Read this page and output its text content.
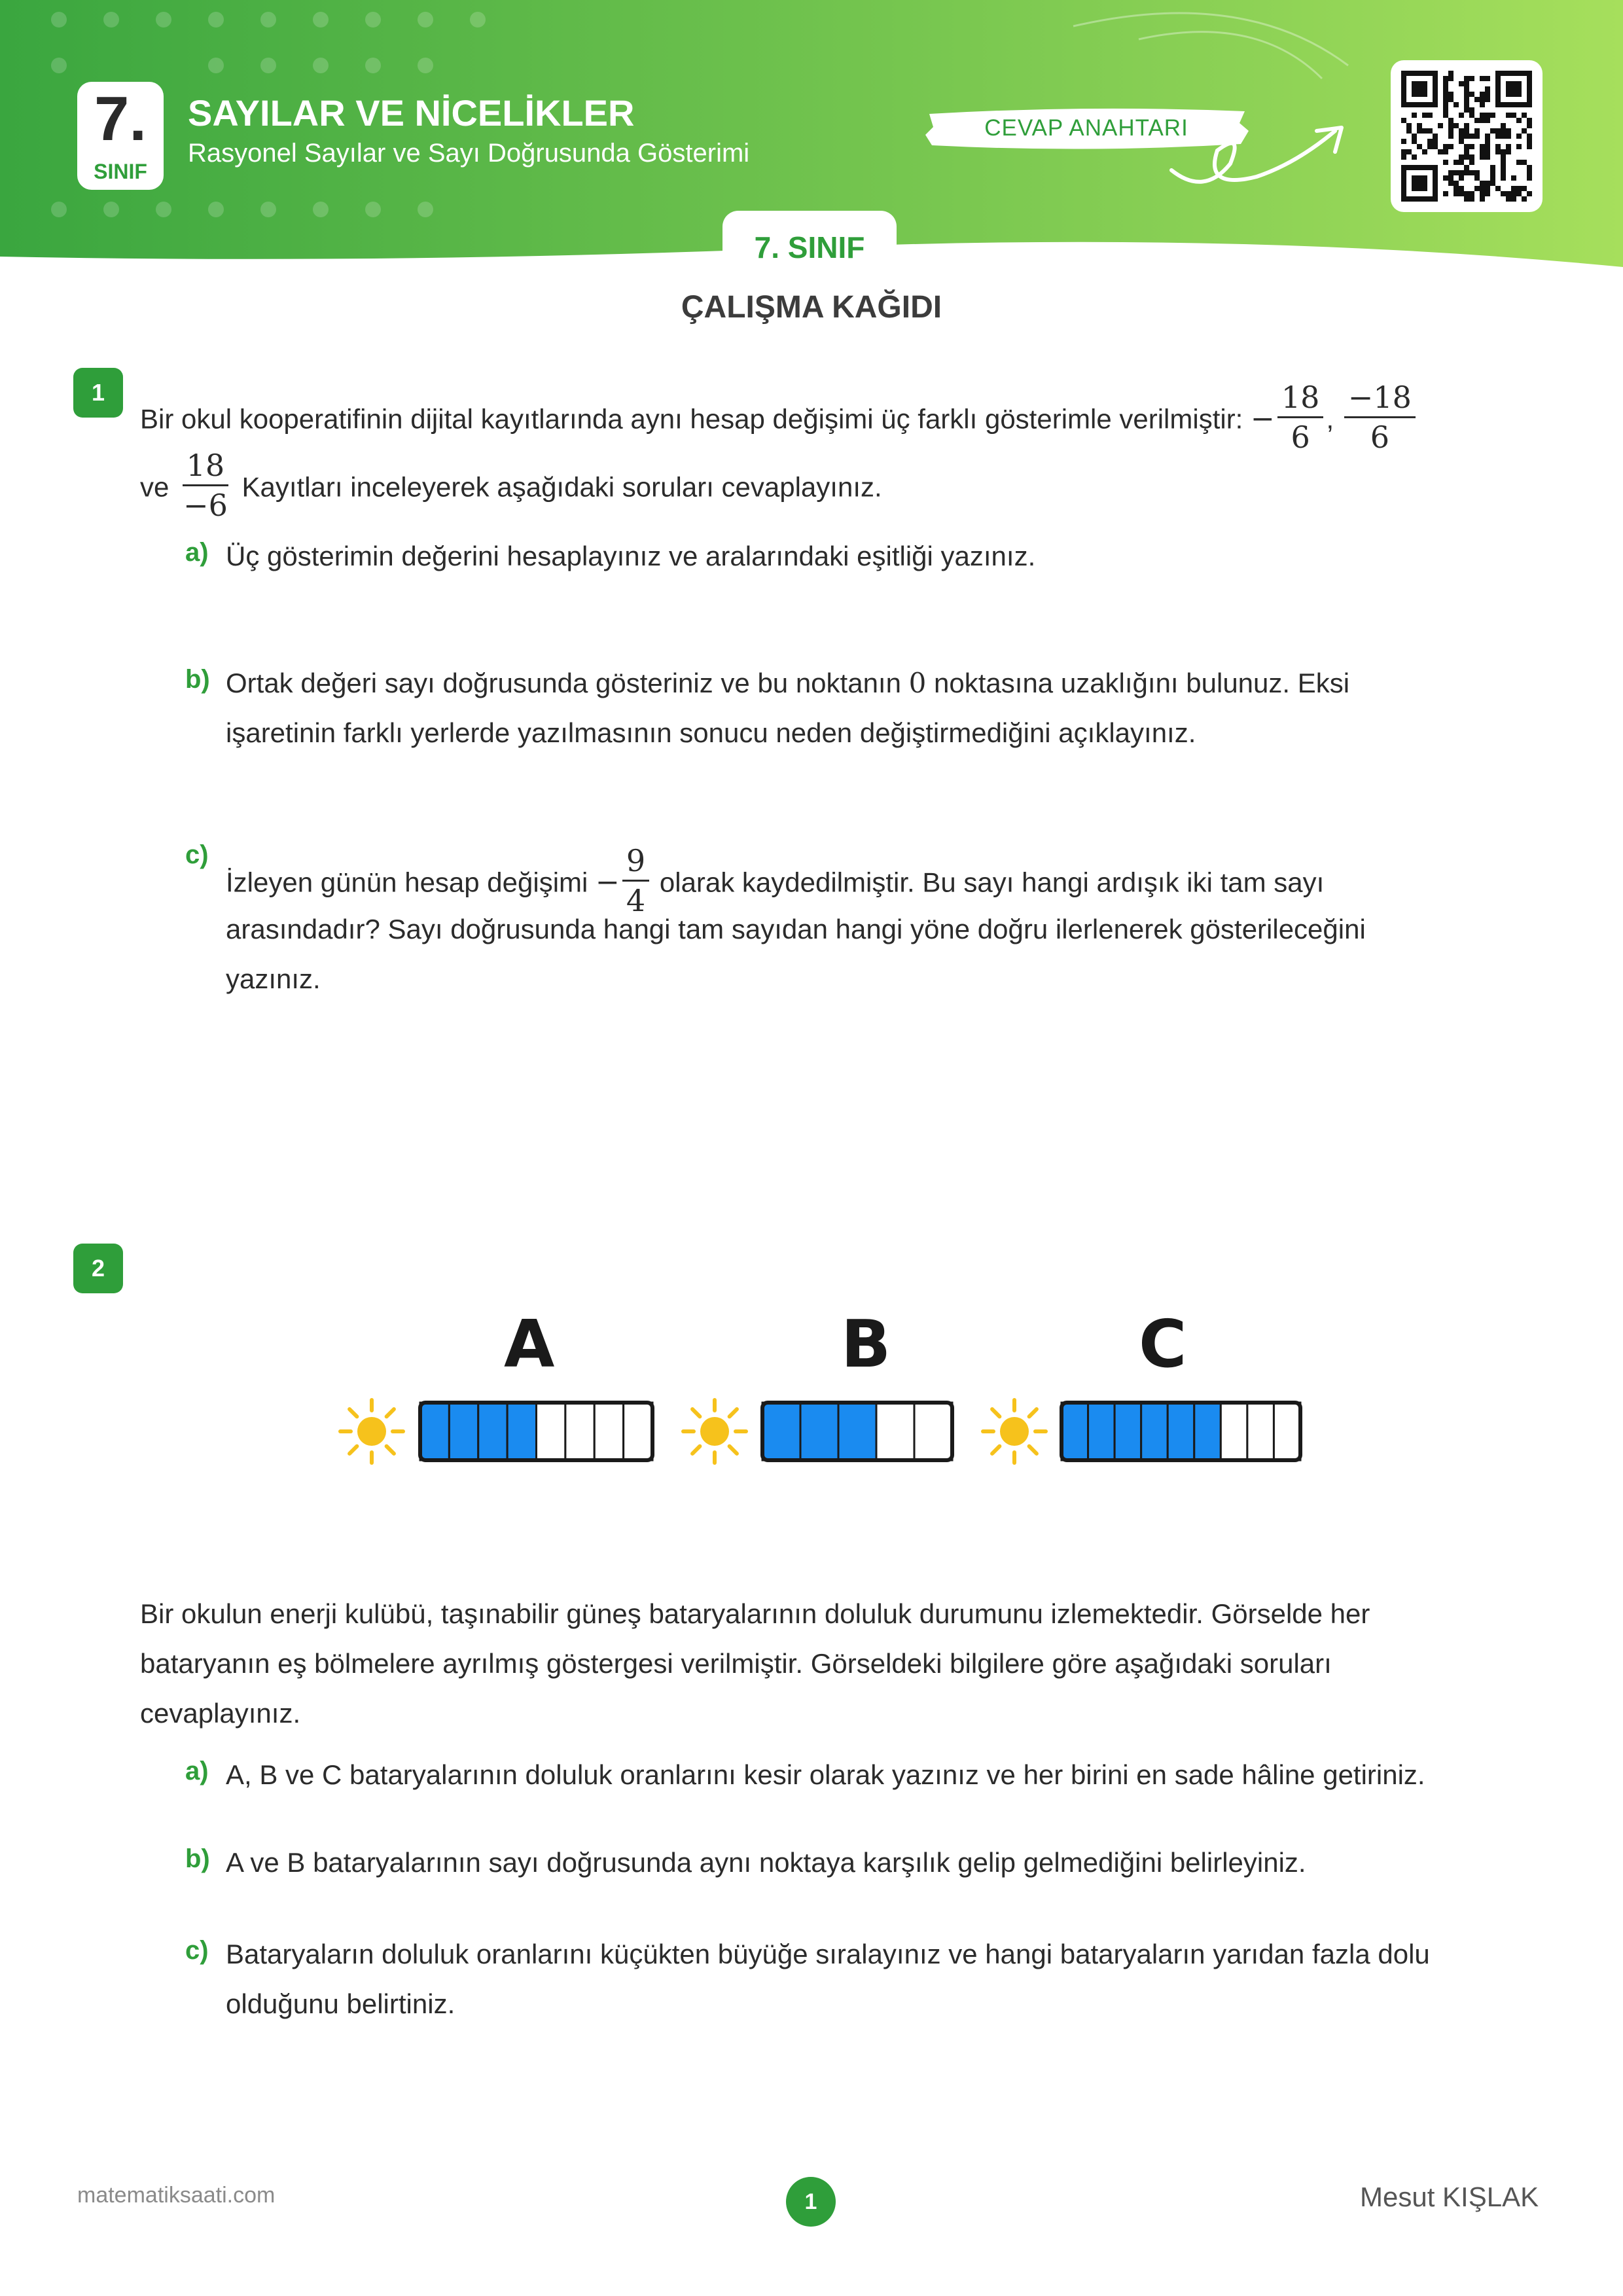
7.
SINIF
SAYILAR VE NİCELİKLER
Rasyonel Sayılar ve Sayı Doğrusunda Gösterimi
CEVAP ANAHTARI
7. SINIF
ÇALIŞMA KAĞIDI
1
Bir okul kooperatifinin dijital kayıtlarında aynı hesap değişimi üç farklı gösterimle verilmiştir: − $\frac{18}{6}$ , $\frac{-18}{6}$
ve $\frac{18}{-6}$ Kayıtları inceleyerek aşağıdaki soruları cevaplayınız.
a) Üç gösterimin değerini hesaplayınız ve aralarındaki eşitliği yazınız.
b) Ortak değeri sayı doğrusunda gösteriniz ve bu noktanın 0 noktasına uzaklığını bulunuz. Eksi
işaretinin farklı yerlerde yazılmasının sonucu neden değiştirmediğini açıklayınız.
c)
İzleyen günün hesap değişimi − $\frac{9}{4}$ olarak kaydedilmiştir. Bu sayı hangi ardışık iki tam sayı
arasındadır? Sayı doğrusunda hangi tam sayıdan hangi yöne doğru ilerlenerek gösterileceğini
yazınız.
2
A	B	C
Bir okulun enerji kulübü, taşınabilir güneş bataryalarının doluluk durumunu izlemektedir. Görselde her
bataryanın eş bölmelere ayrılmış göstergesi verilmiştir. Görseldeki bilgilere göre aşağıdaki soruları
cevaplayınız.
a) A, B ve C bataryalarının doluluk oranlarını kesir olarak yazınız ve her birini en sade hâline getiriniz.
b) A ve B bataryalarının sayı doğrusunda aynı noktaya karşılık gelip gelmediğini belirleyiniz.
c) Bataryaların doluluk oranlarını küçükten büyüğe sıralayınız ve hangi bataryaların yarıdan fazla dolu
olduğunu belirtiniz.
matematiksaati.com	1	Mesut KIŞLAK
